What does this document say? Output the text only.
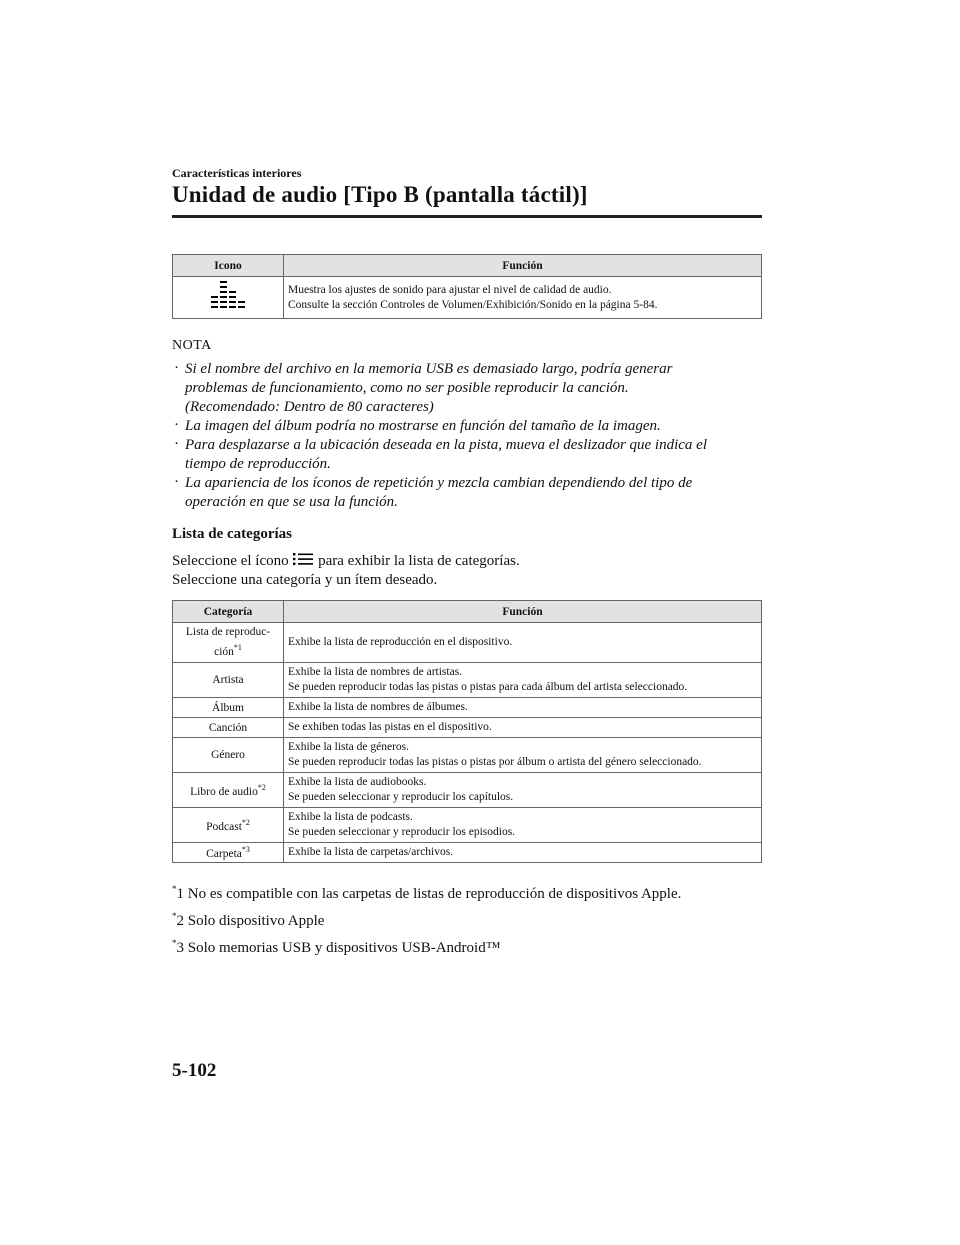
Características interiores
Unidad de audio [Tipo B (pantalla táctil)]
Icono	Función

Muestra los ajustes de sonido para ajustar el nivel de calidad de audio.
Consulte la sección Controles de Volumen/Exhibición/Sonido en la página 5-84.
NOTA
· Si el nombre del archivo en la memoria USB es demasiado largo, podría generar
problemas de funcionamiento, como no ser posible reproducir la canción.
(Recomendado: Dentro de 80 caracteres)
· La imagen del álbum podría no mostrarse en función del tamaño de la imagen.
· Para desplazarse a la ubicación deseada en la pista, mueva el deslizador que indica el
tiempo de reproducción.
· La apariencia de los íconos de repetición y mezcla cambian dependiendo del tipo de
operación en que se usa la función.
Lista de categorías
Seleccione el ícono para exhibir la lista de categorías.
Seleccione una categoría y un ítem deseado.
Categoría	Función

Lista de reproduc-
ción$^{*1}$	Exhibe la lista de reproducción en el dispositivo.

Artista	Exhibe la lista de nombres de artistas.
Se pueden reproducir todas las pistas o pistas para cada álbum del artista seleccionado.

Álbum	Exhibe la lista de nombres de álbumes.

Canción	Se exhiben todas las pistas en el dispositivo.

Género	Exhibe la lista de géneros.
Se pueden reproducir todas las pistas o pistas por álbum o artista del género seleccionado.

Libro de audio$^{*2}$	Exhibe la lista de audiobooks.
Se pueden seleccionar y reproducir los capítulos.

Podcast$^{*2}$	Exhibe la lista de podcasts.
Se pueden seleccionar y reproducir los episodios.

Carpeta$^{*3}$	Exhibe la lista de carpetas/archivos.
*1 No es compatible con las carpetas de listas de reproducción de dispositivos Apple.
*2 Solo dispositivo Apple
*3 Solo memorias USB y dispositivos USB-Android™
5-102
